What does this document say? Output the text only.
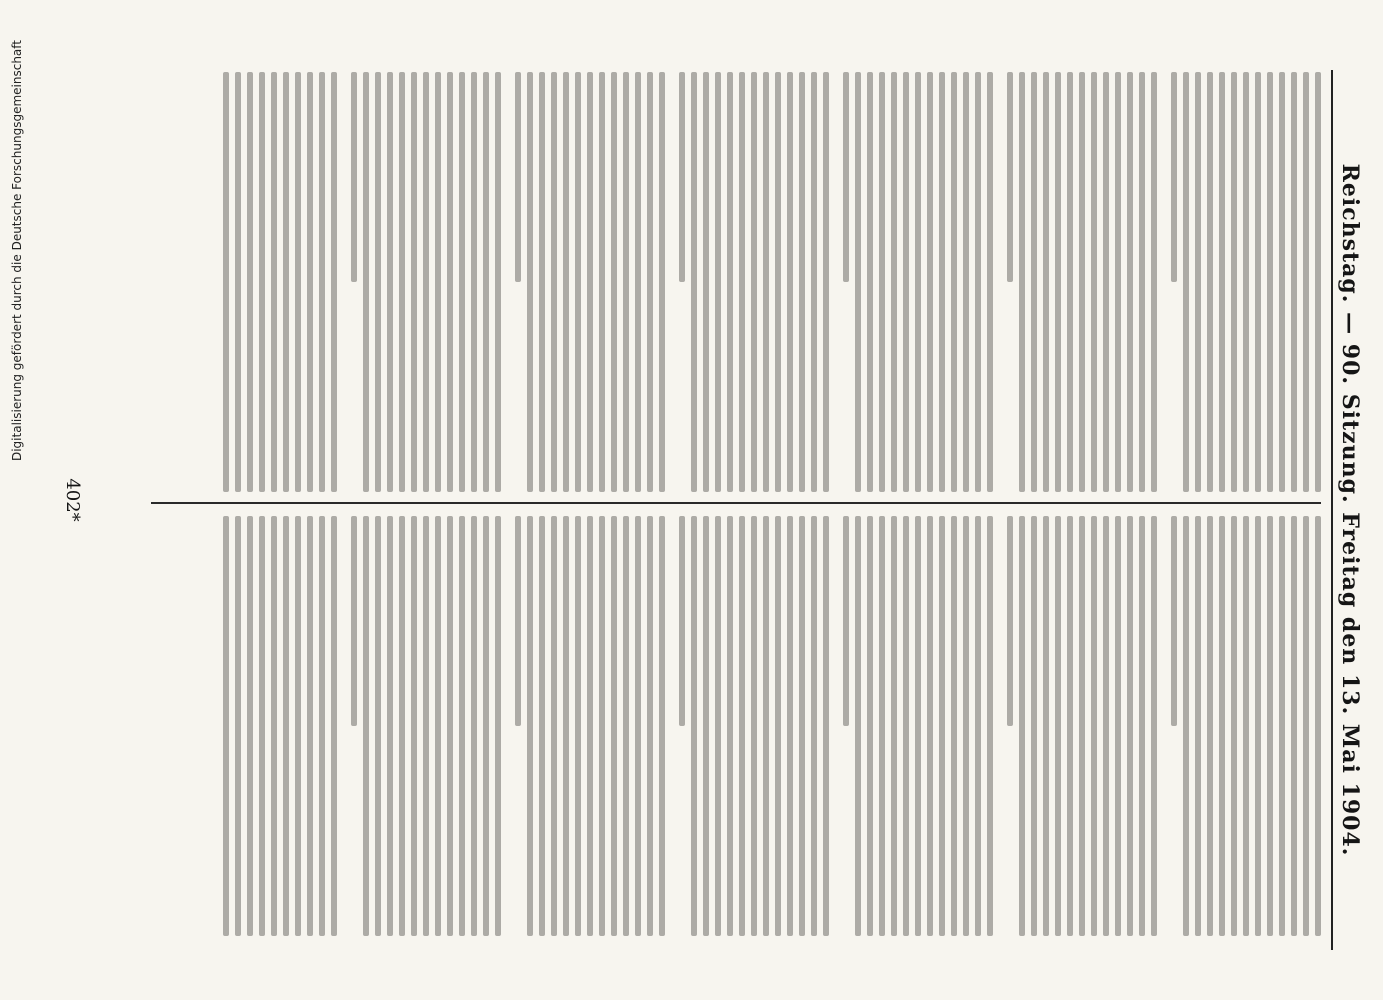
Reichstag. — 90. Sitzung. Freitag den 13. Mai 1904.
402*
Digitalisierung gefördert durch die Deutsche Forschungsgemeinschaft
